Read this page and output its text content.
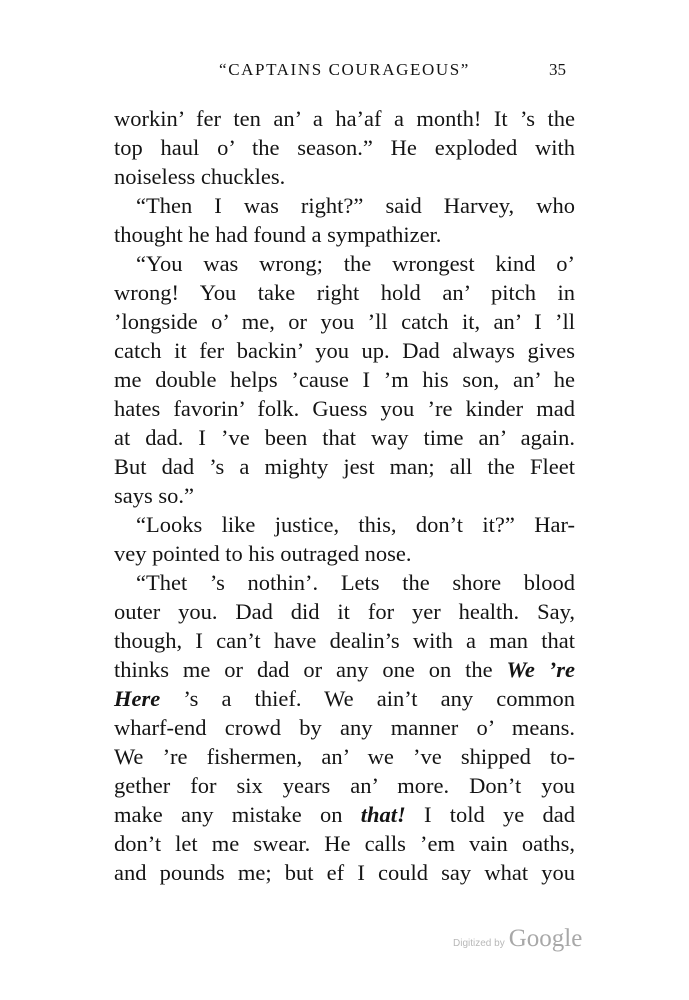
“CAPTAINS COURAGEOUS”	35
workin’ fer ten an’ a ha’af a month! It ’s the
top haul o’ the season.” He exploded with
noiseless chuckles.
“Then I was right?” said Harvey, who
thought he had found a sympathizer.
“You was wrong; the wrongest kind o’
wrong! You take right hold an’ pitch in
’longside o’ me, or you ’ll catch it, an’ I ’ll
catch it fer backin’ you up. Dad always gives
me double helps ’cause I ’m his son, an’ he
hates favorin’ folk. Guess you ’re kinder mad
at dad. I ’ve been that way time an’ again.
But dad ’s a mighty jest man; all the Fleet
says so.”
“Looks like justice, this, don’t it?” Har-
vey pointed to his outraged nose.
“Thet ’s nothin’. Lets the shore blood
outer you. Dad did it for yer health. Say,
though, I can’t have dealin’s with a man that
thinks me or dad or any one on the We ’re
Here ’s a thief. We ain’t any common
wharf-end crowd by any manner o’ means.
We ’re fishermen, an’ we ’ve shipped to-
gether for six years an’ more. Don’t you
make any mistake on that! I told ye dad
don’t let me swear. He calls ’em vain oaths,
and pounds me; but ef I could say what you
Digitized by Google
